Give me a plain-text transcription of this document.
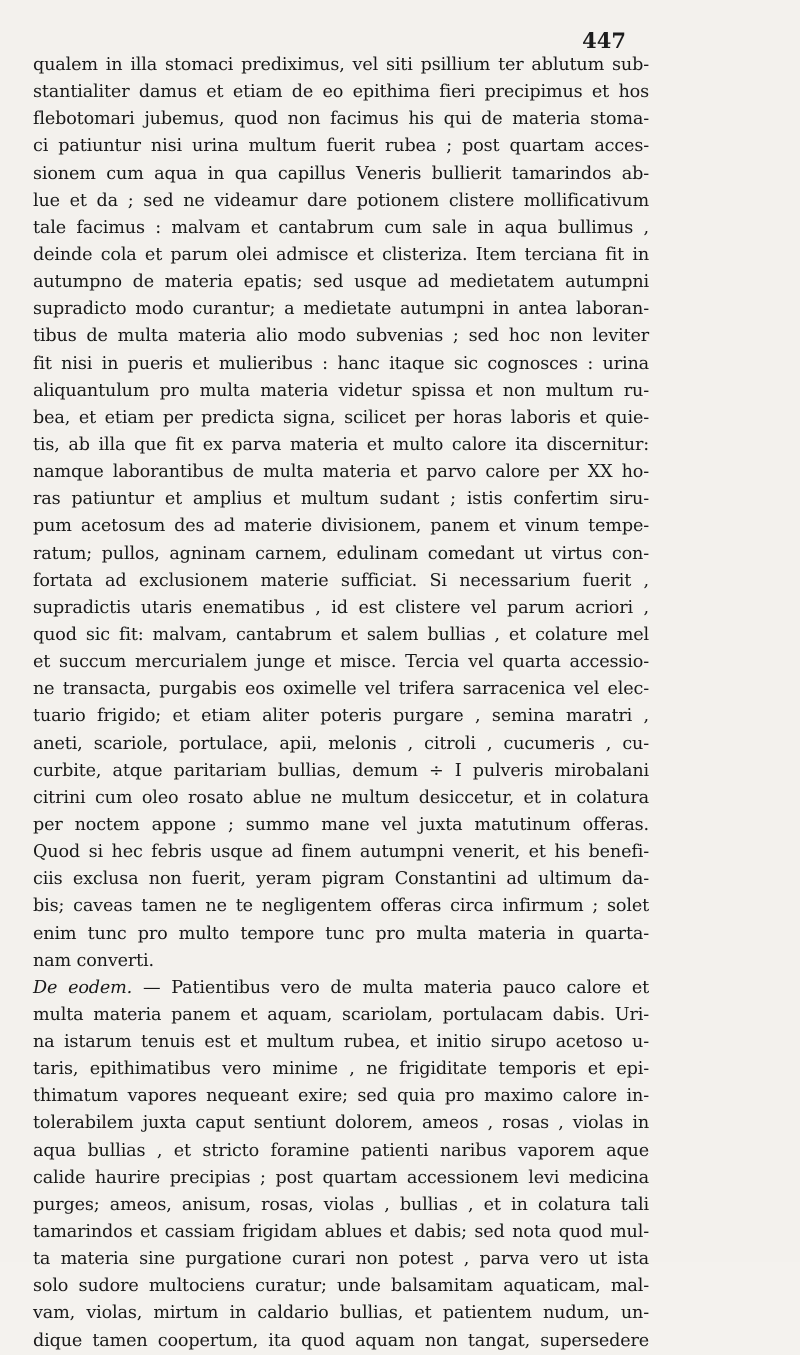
447
qualem in illa stomaci prediximus, vel siti psillium ter ablutum sub-
stantialiter damus et etiam de eo epithima fieri precipimus et hos
flebotomari jubemus, quod non facimus his qui de materia stoma-
ci patiuntur nisi urina multum fuerit rubea ; post quartam acces-
sionem cum aqua in qua capillus Veneris bullierit tamarindos ab-
lue et da ; sed ne videamur dare potionem clistere mollificativum
tale facimus : malvam et cantabrum cum sale in aqua bullimus ,
deinde cola et parum olei admisce et clisteriza. Item terciana fit in
autumpno de materia epatis; sed usque ad medietatem autumpni
supradicto modo curantur; a medietate autumpni in antea laboran-
tibus de multa materia alio modo subvenias ; sed hoc non leviter
fit nisi in pueris et mulieribus : hanc itaque sic cognosces : urina
aliquantulum pro multa materia videtur spissa et non multum ru-
bea, et etiam per predicta signa, scilicet per horas laboris et quie-
tis, ab illa que fit ex parva materia et multo calore ita discernitur:
namque laborantibus de multa materia et parvo calore per XX ho-
ras patiuntur et amplius et multum sudant ; istis confertim siru-
pum acetosum des ad materie divisionem, panem et vinum tempe-
ratum; pullos, agninam carnem, edulinam comedant ut virtus con-
fortata ad exclusionem materie sufficiat. Si necessarium fuerit ,
supradictis utaris enematibus , id est clistere vel parum acriori ,
quod sic fit: malvam, cantabrum et salem bullias , et colature mel
et succum mercurialem junge et misce. Tercia vel quarta accessio-
ne transacta, purgabis eos oximelle vel trifera sarracenica vel elec-
tuario frigido; et etiam aliter poteris purgare , semina maratri ,
aneti, scariole, portulace, apii, melonis , citroli , cucumeris , cu-
curbite, atque paritariam bullias, demum ÷ I pulveris mirobalani
citrini cum oleo rosato ablue ne multum desiccetur, et in colatura
per noctem appone ; summo mane vel juxta matutinum offeras.
Quod si hec febris usque ad finem autumpni venerit, et his benefi-
ciis exclusa non fuerit, yeram pigram Constantini ad ultimum da-
bis; caveas tamen ne te negligentem offeras circa infirmum ; solet
enim tunc pro multo tempore tunc pro multa materia in quarta-
nam converti.
De eodem. — Patientibus vero de multa materia pauco calore et
multa materia panem et aquam, scariolam, portulacam dabis. Uri-
na istarum tenuis est et multum rubea, et initio sirupo acetoso u-
taris, epithimatibus vero minime , ne frigiditate temporis et epi-
thimatum vapores nequeant exire; sed quia pro maximo calore in-
tolerabilem juxta caput sentiunt dolorem, ameos , rosas , violas in
aqua bullias , et stricto foramine patienti naribus vaporem aque
calide haurire precipias ; post quartam accessionem levi medicina
purges; ameos, anisum, rosas, violas , bullias , et in colatura tali
tamarindos et cassiam frigidam ablues et dabis; sed nota quod mul-
ta materia sine purgatione curari non potest , parva vero ut ista
solo sudore multociens curatur; unde balsamitam aquaticam, mal-
vam, violas, mirtum in caldario bullias, et patientem nudum, un-
dique tamen coopertum, ita quod aquam non tangat, supersedere
